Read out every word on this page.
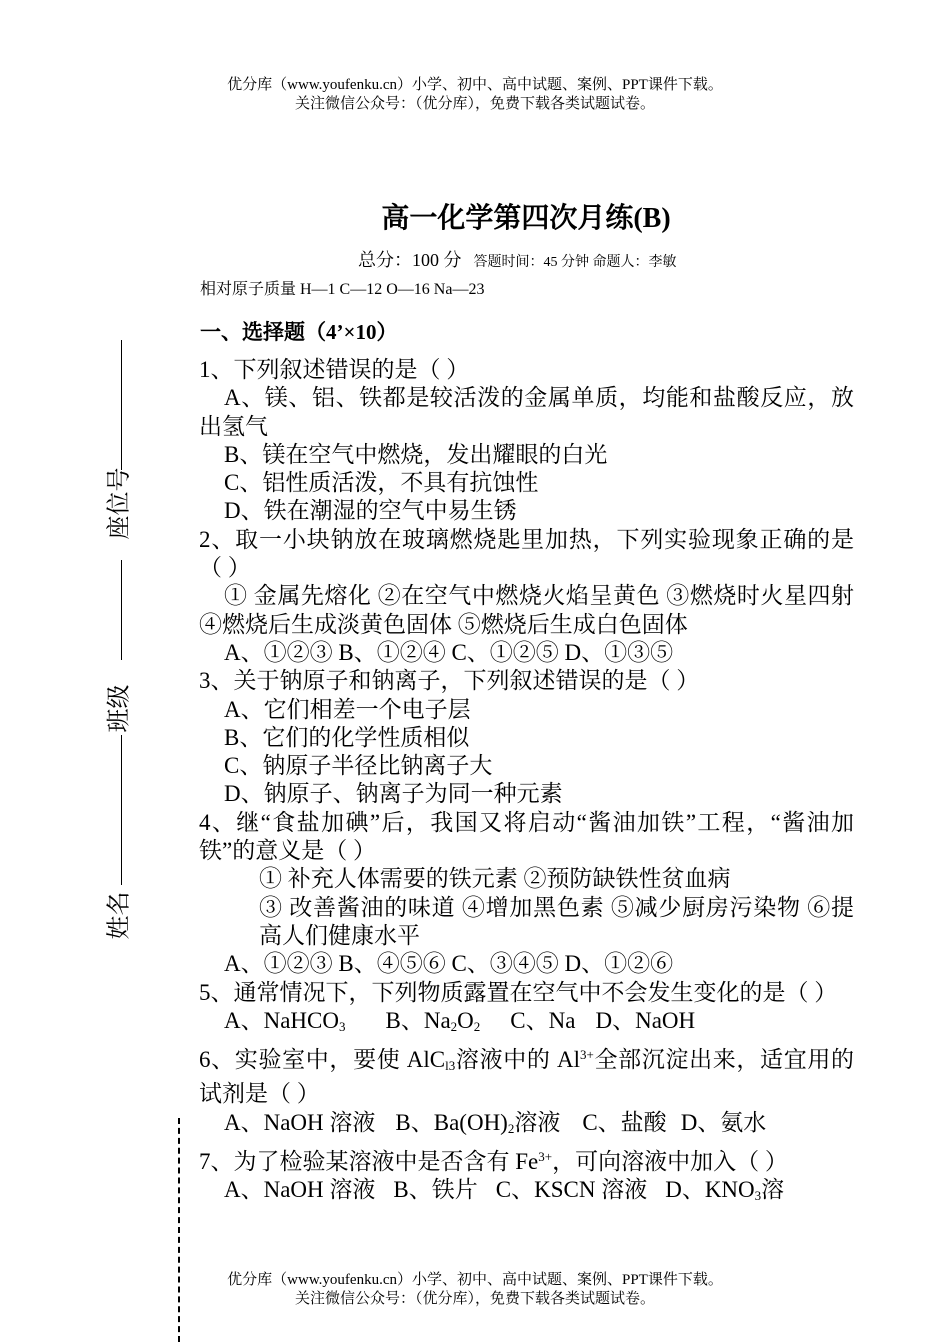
优分库（www.youfenku.cn）小学、初中、高中试题、案例、PPT课件下载。
关注微信公众号：（优分库），免费下载各类试题试卷。
高一化学第四次月练(B)
总分：100 分 答题时间：45 分钟 命题人：李敏
相对原子质量 H—1 C—12 O—16 Na—23
一、选择题（4’×10）
座位号
班级
姓名
1、下列叙述错误的是（ ）
A、镁、铝、铁都是较活泼的金属单质，均能和盐酸反应，放出氢气
B、镁在空气中燃烧，发出耀眼的白光
C、铝性质活泼，不具有抗蚀性
D、铁在潮湿的空气中易生锈
2、取一小块钠放在玻璃燃烧匙里加热，下列实验现象正确的是（ ）
① 金属先熔化 ②在空气中燃烧火焰呈黄色 ③燃烧时火星四射 ④燃烧后生成淡黄色固体 ⑤燃烧后生成白色固体
A、①②③ B、①②④ C、①②⑤ D、①③⑤
3、关于钠原子和钠离子，下列叙述错误的是（ ）
A、它们相差一个电子层
B、它们的化学性质相似
C、钠原子半径比钠离子大
D、钠原子、钠离子为同一种元素
4、继“食盐加碘”后，我国又将启动“酱油加铁”工程，“酱油加铁”的意义是（ ）
① 补充人体需要的铁元素 ②预防缺铁性贫血病
③ 改善酱油的味道 ④增加黑色素 ⑤减少厨房污染物 ⑥提高人们健康水平
A、①②③ B、④⑤⑥ C、③④⑤ D、①②⑥
5、通常情况下，下列物质露置在空气中不会发生变化的是（ ）
A、NaHCO$_3$ B、$Na_2O_2$ C、Na D、NaOH
6、实验室中，要使 AlC$_{l3}$溶液中的 $Al^{3+}$全部沉淀出来，适宜用的试剂是（ ）
A、NaOH 溶液 B、$Ba(OH)_2$溶液 C、盐酸 D、氨水
7、为了检验某溶液中是否含有 $Fe^{3+}$，可向溶液中加入（ ）
A、NaOH 溶液 B、铁片 C、KSCN 溶液 D、$KNO_3$溶
优分库（www.youfenku.cn）小学、初中、高中试题、案例、PPT课件下载。
关注微信公众号：（优分库），免费下载各类试题试卷。
